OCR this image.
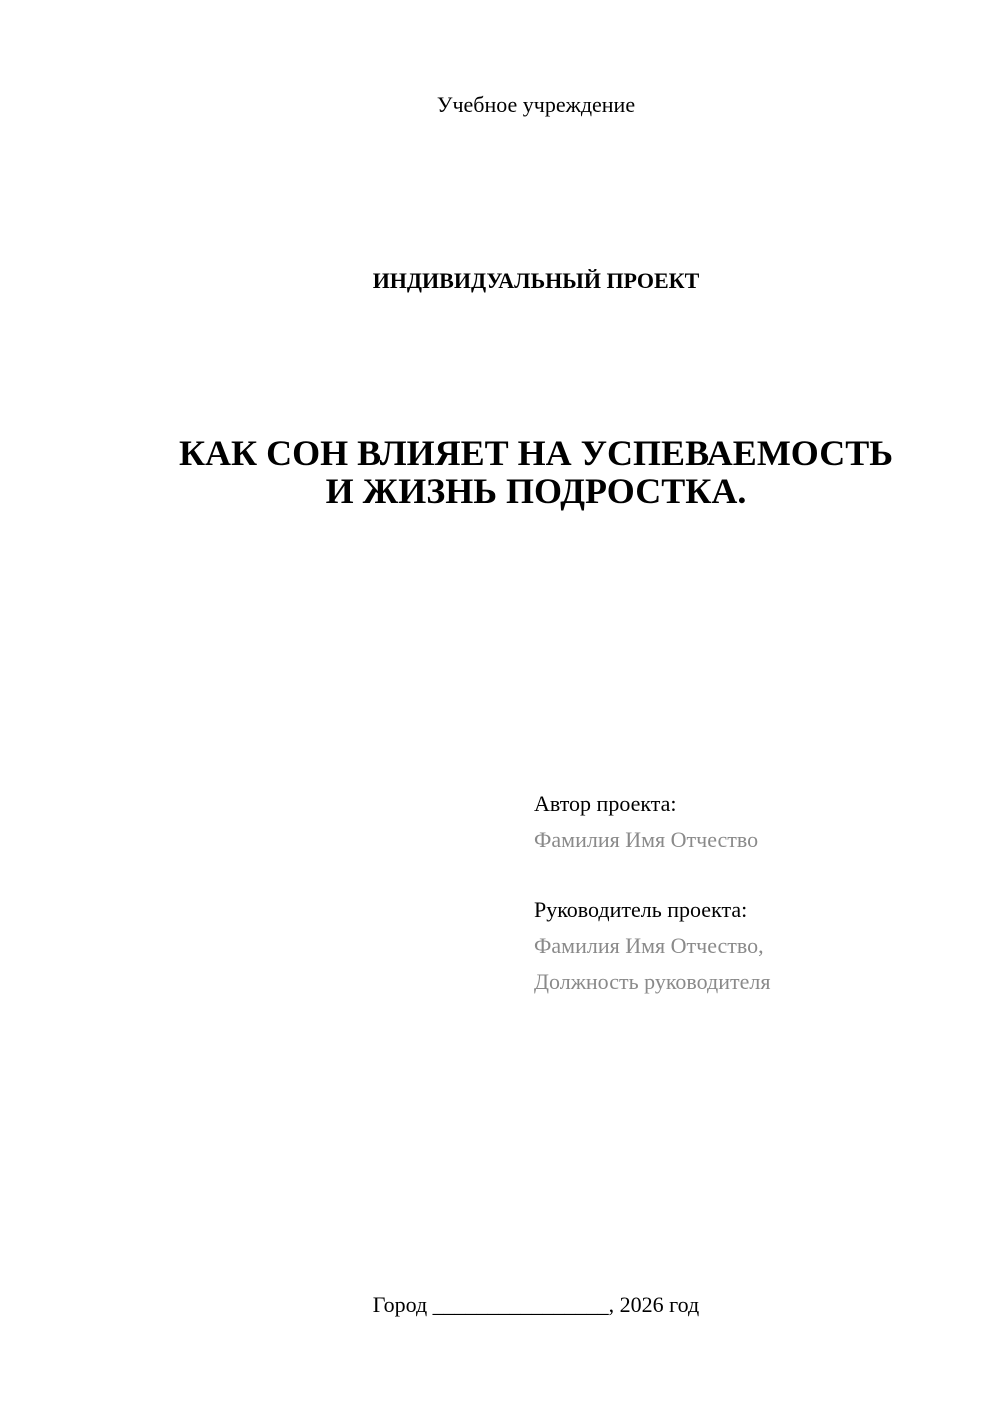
Учебное учреждение
ИНДИВИДУАЛЬНЫЙ ПРОЕКТ
КАК СОН ВЛИЯЕТ НА УСПЕВАЕМОСТЬ
И ЖИЗНЬ ПОДРОСТКА.
Автор проекта:
Фамилия Имя Отчество
Руководитель проекта:
Фамилия Имя Отчество,
Должность руководителя
Город ________________, 2026 год
